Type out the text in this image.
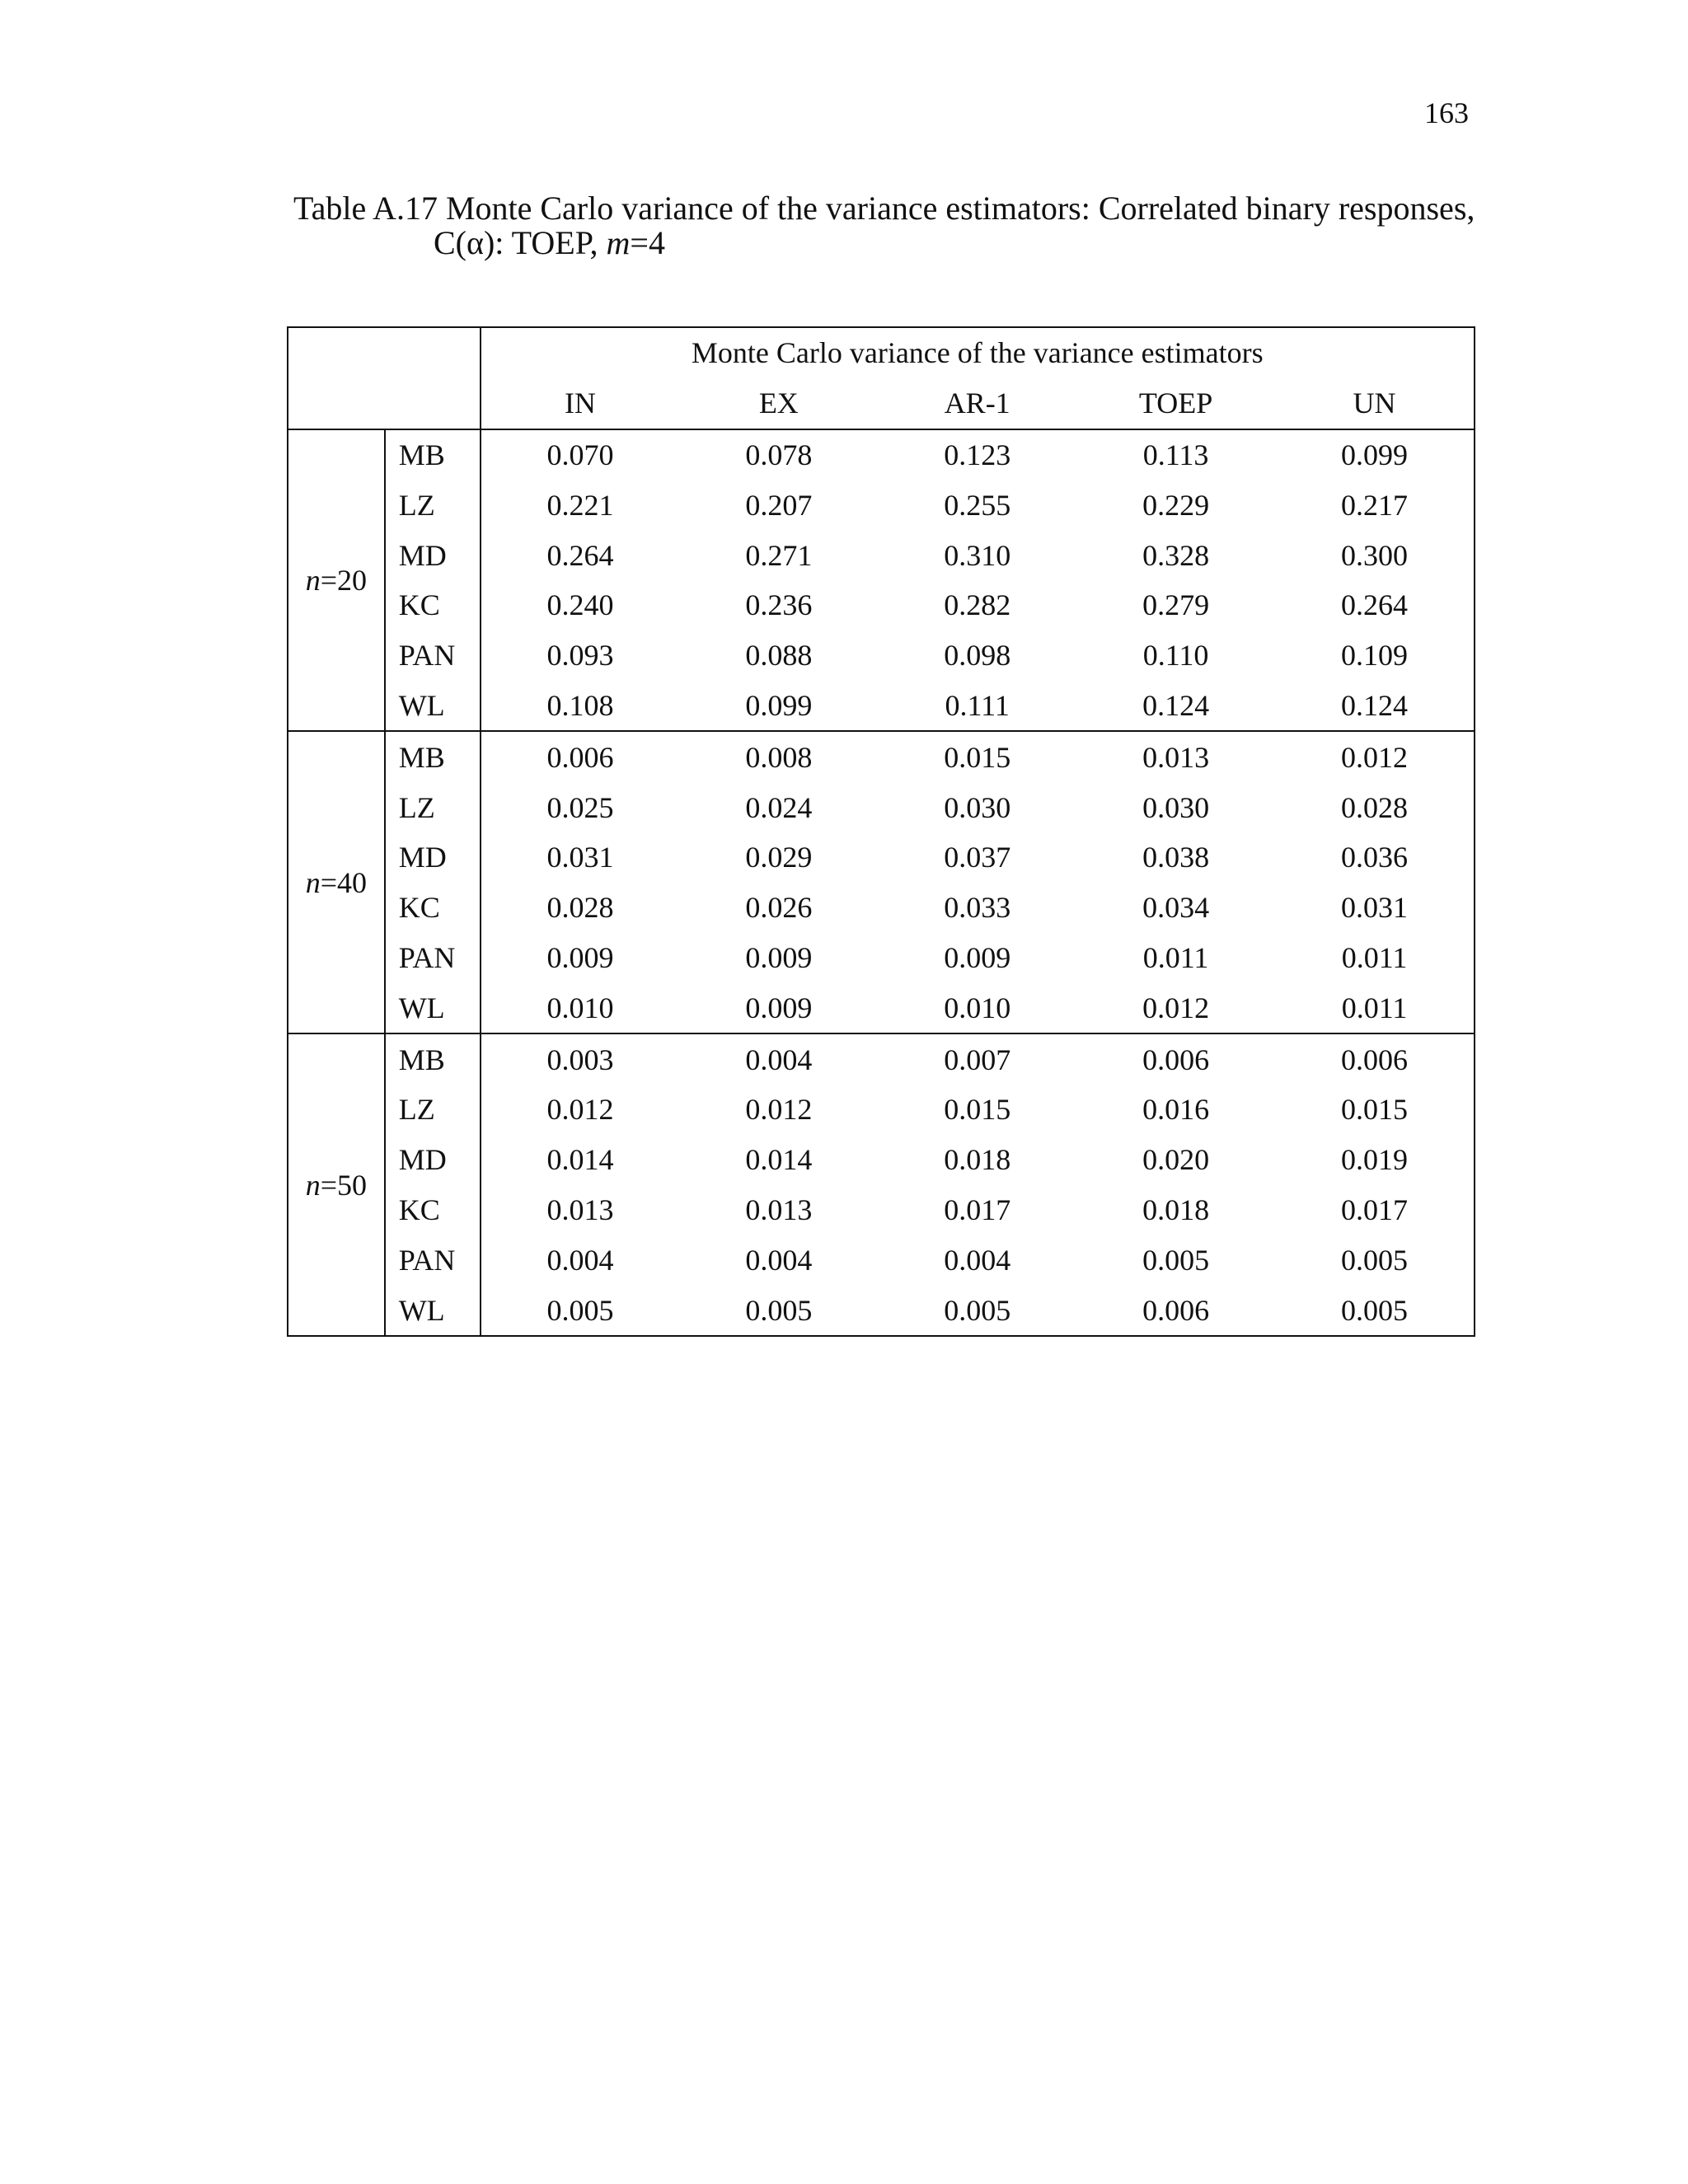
163
Table A.17 Monte Carlo variance of the variance estimators: Correlated binary responses,
C(α): TOEP, m=4
		Monte Carlo variance of the variance estimators				
		IN	EX	AR-1	TOEP	UN
n=20	MB	0.070	0.078	0.123	0.113	0.099
	LZ	0.221	0.207	0.255	0.229	0.217
	MD	0.264	0.271	0.310	0.328	0.300
	KC	0.240	0.236	0.282	0.279	0.264
	PAN	0.093	0.088	0.098	0.110	0.109
	WL	0.108	0.099	0.111	0.124	0.124
n=40	MB	0.006	0.008	0.015	0.013	0.012
	LZ	0.025	0.024	0.030	0.030	0.028
	MD	0.031	0.029	0.037	0.038	0.036
	KC	0.028	0.026	0.033	0.034	0.031
	PAN	0.009	0.009	0.009	0.011	0.011
	WL	0.010	0.009	0.010	0.012	0.011
n=50	MB	0.003	0.004	0.007	0.006	0.006
	LZ	0.012	0.012	0.015	0.016	0.015
	MD	0.014	0.014	0.018	0.020	0.019
	KC	0.013	0.013	0.017	0.018	0.017
	PAN	0.004	0.004	0.004	0.005	0.005
	WL	0.005	0.005	0.005	0.006	0.005
